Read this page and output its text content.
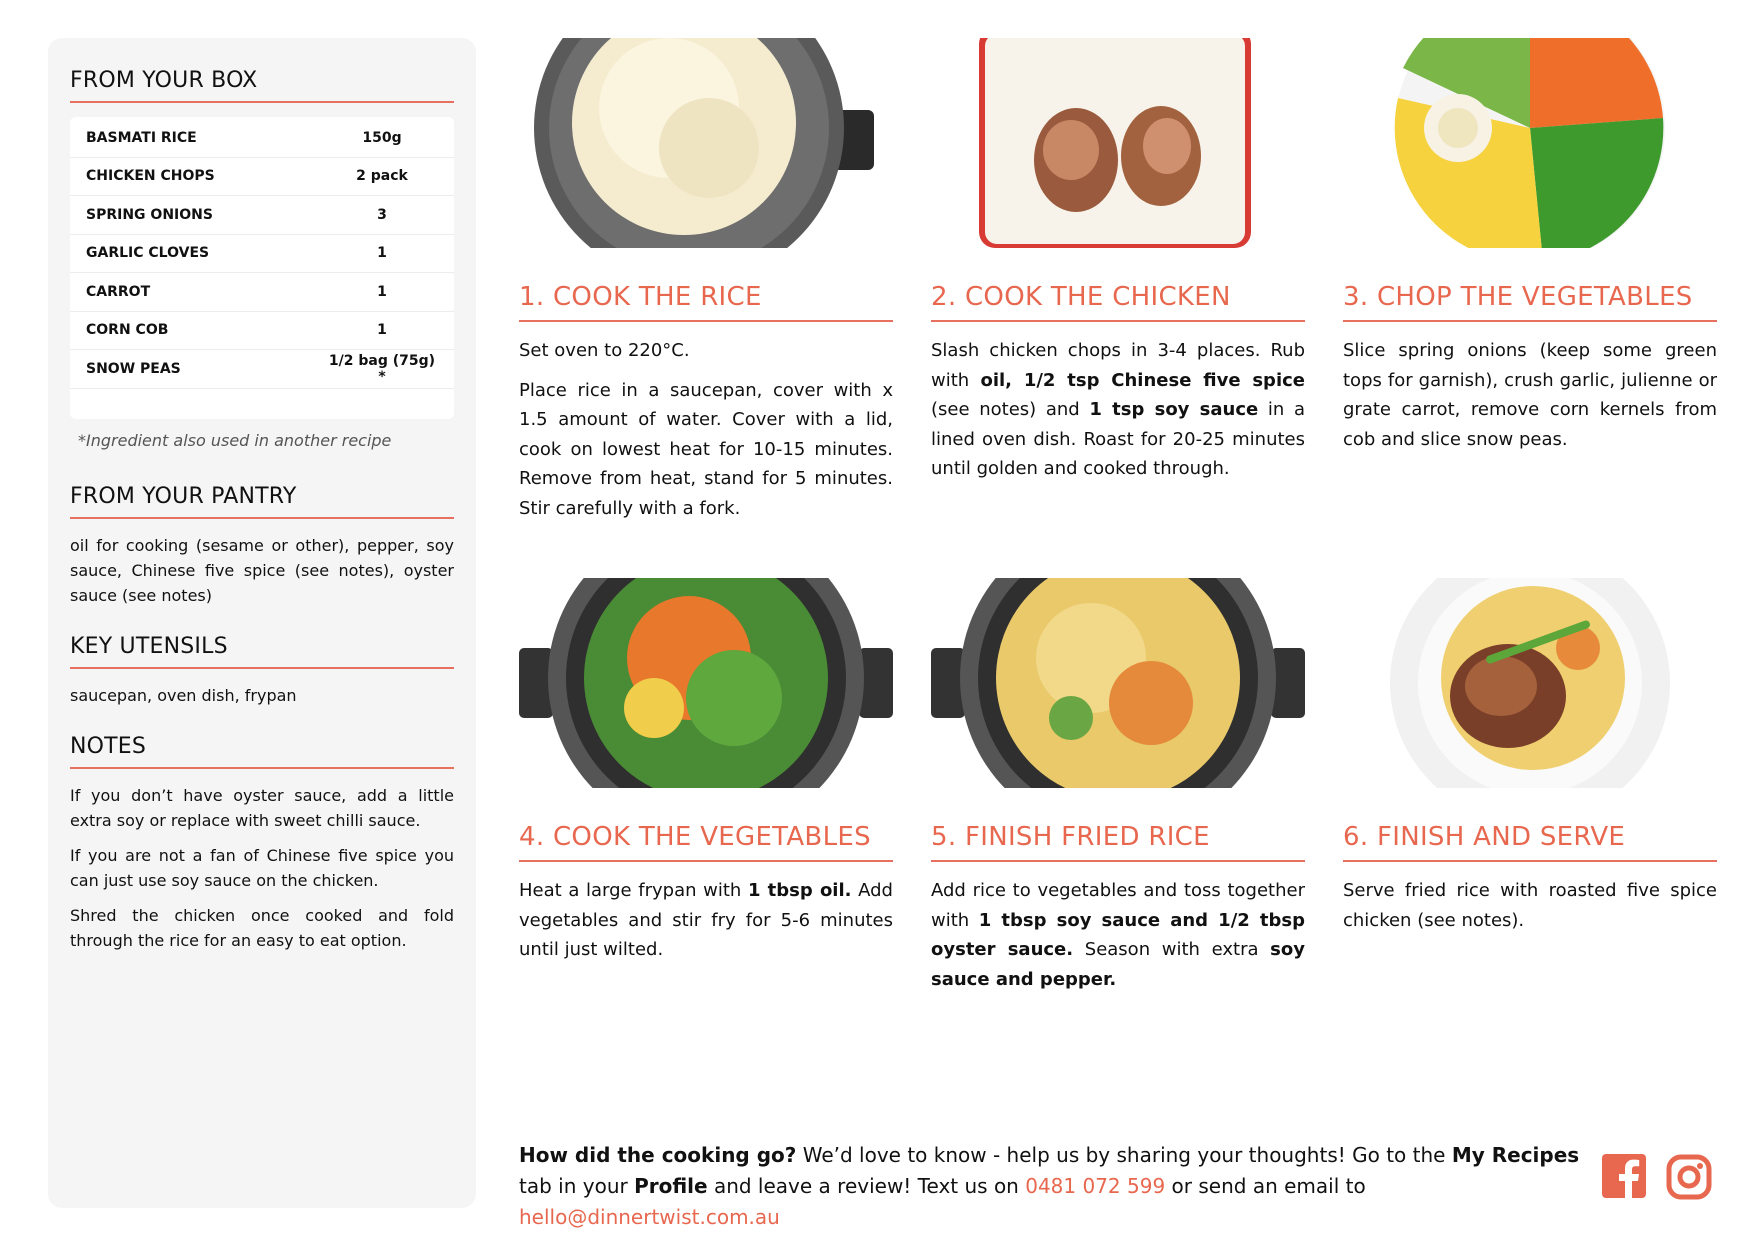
FROM YOUR BOX
BASMATI RICE	150g
CHICKEN CHOPS	2 pack
SPRING ONIONS	3
GARLIC CLOVES	1
CARROT	1
CORN COB	1
SNOW PEAS	1/2 bag (75g) *
*Ingredient also used in another recipe
FROM YOUR PANTRY

oil for cooking (sesame or other), pepper, soy sauce, Chinese five spice (see notes), oyster sauce (see notes)

KEY UTENSILS

saucepan, oven dish, frypan

NOTES

If you don’t have oyster sauce, add a little extra soy or replace with sweet chilli sauce.

If you are not a fan of Chinese five spice you can just use soy sauce on the chicken.

Shred the chicken once cooked and fold through the rice for an easy to eat option.

1. COOK THE RICE

Set oven to 220°C.

Place rice in a saucepan, cover with x 1.5 amount of water. Cover with a lid, cook on lowest heat for 10-15 minutes. Remove from heat, stand for 5 minutes. Stir carefully with a fork.

2. COOK THE CHICKEN

Slash chicken chops in 3-4 places. Rub with oil, 1/2 tsp Chinese five spice (see notes) and 1 tsp soy sauce in a lined oven dish. Roast for 20-25 minutes until golden and cooked through.

3. CHOP THE VEGETABLES

Slice spring onions (keep some green tops for garnish), crush garlic, julienne or grate carrot, remove corn kernels from cob and slice snow peas.

4. COOK THE VEGETABLES

Heat a large frypan with 1 tbsp oil. Add vegetables and stir fry for 5-6 minutes until just wilted.

5. FINISH FRIED RICE

Add rice to vegetables and toss together with 1 tbsp soy sauce and 1/2 tbsp oyster sauce. Season with extra soy sauce and pepper.

6. FINISH AND SERVE

Serve fried rice with roasted five spice chicken (see notes).

How did the cooking go? We’d love to know - help us by sharing your thoughts! Go to the My Recipes tab in your Profile and leave a review! Text us on 0481 072 599 or send an email to hello@dinnertwist.com.au
